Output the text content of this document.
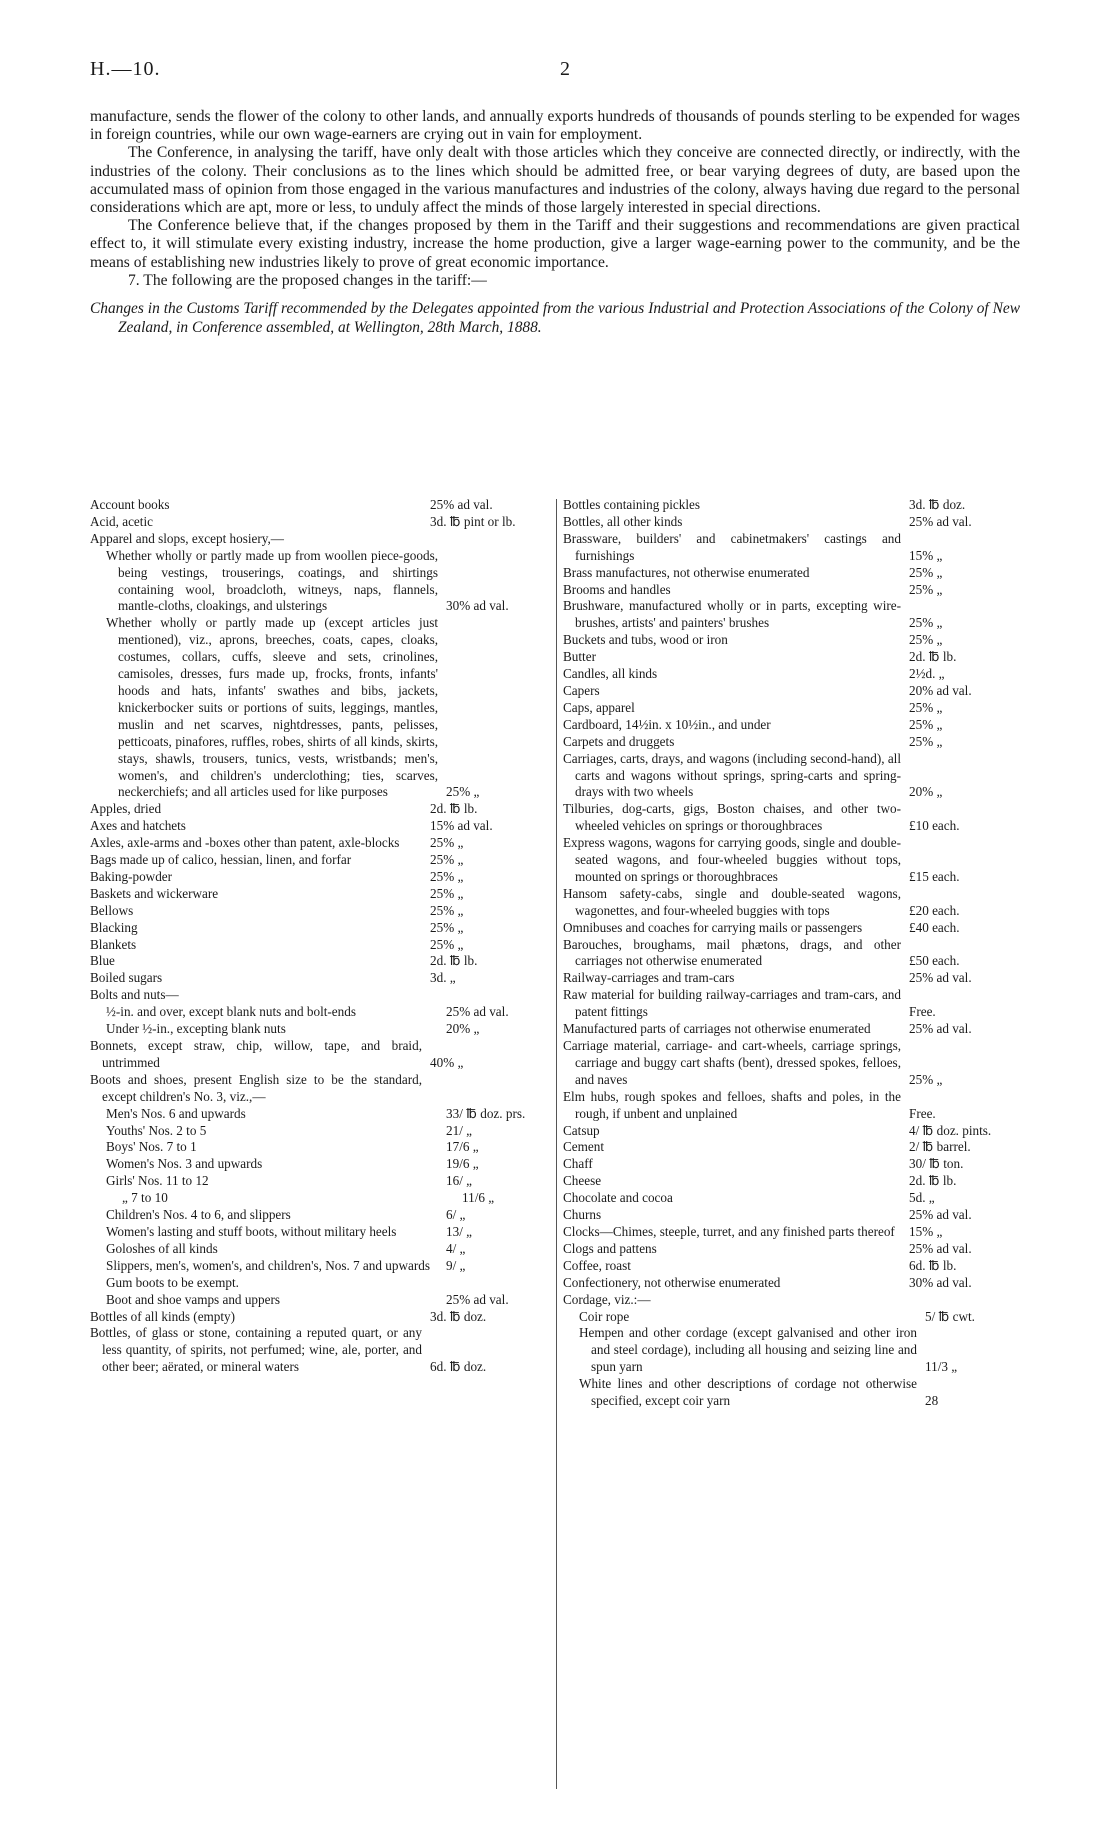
H.—10.	2

manufacture, sends the flower of the colony to other lands, and annually exports hundreds of thousands of pounds sterling to be expended for wages in foreign countries, while our own wage-earners are crying out in vain for employment.

The Conference, in analysing the tariff, have only dealt with those articles which they conceive are connected directly, or indirectly, with the industries of the colony. Their conclusions as to the lines which should be admitted free, or bear varying degrees of duty, are based upon the accumulated mass of opinion from those engaged in the various manufactures and industries of the colony, always having due regard to the personal considerations which are apt, more or less, to unduly affect the minds of those largely interested in special directions.

The Conference believe that, if the changes proposed by them in the Tariff and their suggestions and recommendations are given practical effect to, it will stimulate every existing industry, increase the home production, give a larger wage-earning power to the community, and be the means of establishing new industries likely to prove of great economic importance.

7. The following are the proposed changes in the tariff:—

Changes in the Customs Tariff recommended by the Delegates appointed from the various Industrial and Protection Associations of the Colony of New Zealand, in Conference assembled, at Wellington, 28th March, 1888.
Account books	25% ad val.
Acid, acetic	3d. ℔ pint or lb.
Apparel and slops, except hosiery,—
Whether wholly or partly made up from woollen piece-goods, being vestings, trouserings, coatings, and shirtings containing wool, broadcloth, witneys, naps, flannels, mantle-cloths, cloakings, and ulsterings	30% ad val.
Whether wholly or partly made up (except articles just mentioned), viz., aprons, breeches, coats, capes, cloaks, costumes, collars, cuffs, sleeve and sets, crinolines, camisoles, dresses, furs made up, frocks, fronts, infants' hoods and hats, infants' swathes and bibs, jackets, knickerbocker suits or portions of suits, leggings, mantles, muslin and net scarves, nightdresses, pants, pelisses, petticoats, pinafores, ruffles, robes, shirts of all kinds, skirts, stays, shawls, trousers, tunics, vests, wristbands; men's, women's, and children's underclothing; ties, scarves, neckerchiefs; and all articles used for like purposes	25% „
Apples, dried	2d. ℔ lb.
Axes and hatchets	15% ad val.
Axles, axle-arms and -boxes other than patent, axle-blocks	25% „
Bags made up of calico, hessian, linen, and forfar	25% „
Baking-powder	25% „
Baskets and wickerware	25% „
Bellows	25% „
Blacking	25% „
Blankets	25% „
Blue	2d. ℔ lb.
Boiled sugars	3d. „
Bolts and nuts—
½-in. and over, except blank nuts and bolt-ends	25% ad val.
Under ½-in., excepting blank nuts	20% „
Bonnets, except straw, chip, willow, tape, and braid, untrimmed	40% „
Boots and shoes, present English size to be the standard, except children's No. 3, viz.,—
Men's Nos. 6 and upwards	33/ ℔ doz. prs.
Youths' Nos. 2 to 5	21/ „
Boys' Nos. 7 to 1	17/6 „
Women's Nos. 3 and upwards	19/6 „
Girls' Nos. 11 to 12	16/ „
„ 7 to 10	11/6 „
Children's Nos. 4 to 6, and slippers	6/ „
Women's lasting and stuff boots, without military heels	13/ „
Goloshes of all kinds	4/ „
Slippers, men's, women's, and children's, Nos. 7 and upwards	9/ „
Gum boots to be exempt.
Boot and shoe vamps and uppers	25% ad val.
Bottles of all kinds (empty)	3d. ℔ doz.
Bottles, of glass or stone, containing a reputed quart, or any less quantity, of spirits, not perfumed; wine, ale, porter, and other beer; aërated, or mineral waters	6d. ℔ doz.
Bottles containing pickles	3d. ℔ doz.
Bottles, all other kinds	25% ad val.
Brassware, builders' and cabinetmakers' castings and furnishings	15% „
Brass manufactures, not otherwise enumerated	25% „
Brooms and handles	25% „
Brushware, manufactured wholly or in parts, excepting wire-brushes, artists' and painters' brushes	25% „
Buckets and tubs, wood or iron	25% „
Butter	2d. ℔ lb.
Candles, all kinds	2½d. „
Capers	20% ad val.
Caps, apparel	25% „
Cardboard, 14½in. x 10½in., and under	25% „
Carpets and druggets	25% „
Carriages, carts, drays, and wagons (including second-hand), all carts and wagons without springs, spring-carts and spring-drays with two wheels	20% „
Tilburies, dog-carts, gigs, Boston chaises, and other two-wheeled vehicles on springs or thoroughbraces	£10 each.
Express wagons, wagons for carrying goods, single and double-seated wagons, and four-wheeled buggies without tops, mounted on springs or thoroughbraces	£15 each.
Hansom safety-cabs, single and double-seated wagons, wagonettes, and four-wheeled buggies with tops	£20 each.
Omnibuses and coaches for carrying mails or passengers	£40 each.
Barouches, broughams, mail phætons, drags, and other carriages not otherwise enumerated	£50 each.
Railway-carriages and tram-cars	25% ad val.
Raw material for building railway-carriages and tram-cars, and patent fittings	Free.
Manufactured parts of carriages not otherwise enumerated	25% ad val.
Carriage material, carriage- and cart-wheels, carriage springs, carriage and buggy cart shafts (bent), dressed spokes, felloes, and naves	25% „
Elm hubs, rough spokes and felloes, shafts and poles, in the rough, if unbent and unplained	Free.
Catsup	4/ ℔ doz. pints.
Cement	2/ ℔ barrel.
Chaff	30/ ℔ ton.
Cheese	2d. ℔ lb.
Chocolate and cocoa	5d. „
Churns	25% ad val.
Clocks—Chimes, steeple, turret, and any finished parts thereof	15% „
Clogs and pattens	25% ad val.
Coffee, roast	6d. ℔ lb.
Confectionery, not otherwise enumerated	30% ad val.
Cordage, viz.:—
Coir rope	5/ ℔ cwt.
Hempen and other cordage (except galvanised and other iron and steel cordage), including all housing and seizing line and spun yarn	11/3 „
White lines and other descriptions of cordage not otherwise specified, except coir yarn	28
